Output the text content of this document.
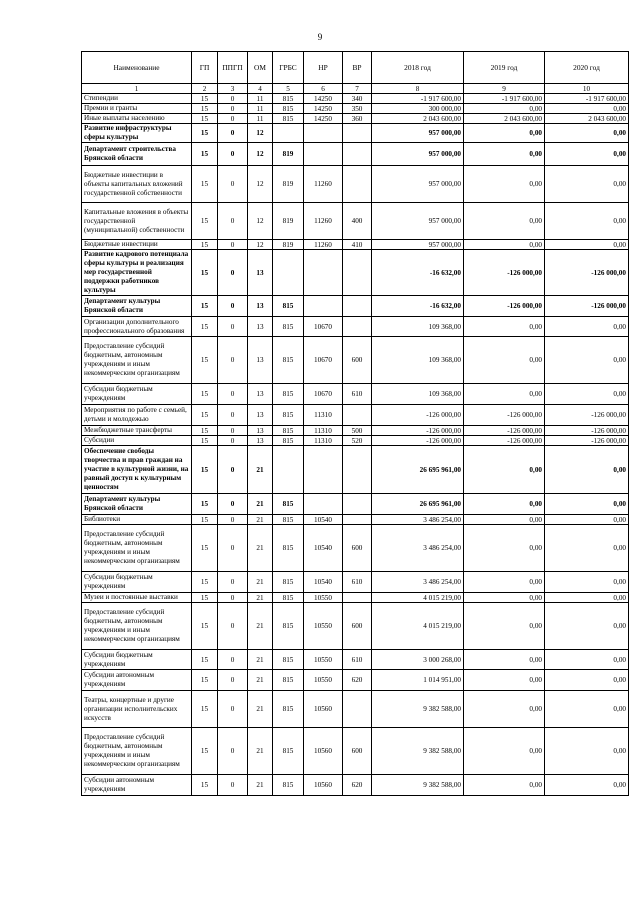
9
Наименование	ГП	ППГП	ОМ	ГРБС	НР	ВР	2018 год	2019 год	2020 год
1	2	3	4	5	6	7	8	9	10
Стипендии	15	0	11	815	14250	340	-1 917 600,00	-1 917 600,00	-1 917 600,00
Премии и гранты	15	0	11	815	14250	350	300 000,00	0,00	0,00
Иные выплаты населению	15	0	11	815	14250	360	2 043 600,00	2 043 600,00	2 043 600,00
Развитие инфраструктуры сферы культуры	15	0	12				957 000,00	0,00	0,00
Департамент строительства Брянской области	15	0	12	819			957 000,00	0,00	0,00
Бюджетные инвестиции в объекты капитальных вложений государственной собственности	15	0	12	819	11260		957 000,00	0,00	0,00
Капитальные вложения в объекты государственной (муниципальной) собственности	15	0	12	819	11260	400	957 000,00	0,00	0,00
Бюджетные инвестиции	15	0	12	819	11260	410	957 000,00	0,00	0,00
Развитие кадрового потенциала сферы культуры и реализация мер государственной поддержки работников культуры	15	0	13				-16 632,00	-126 000,00	-126 000,00
Департамент культуры Брянской области	15	0	13	815			-16 632,00	-126 000,00	-126 000,00
Организации дополнительного профессионального образования	15	0	13	815	10670		109 368,00	0,00	0,00
Предоставление субсидий бюджетным, автономным учреждениям и иным некоммерческим организациям	15	0	13	815	10670	600	109 368,00	0,00	0,00
Субсидии бюджетным учреждениям	15	0	13	815	10670	610	109 368,00	0,00	0,00
Мероприятия по работе с семьей, детьми и молодежью	15	0	13	815	11310		-126 000,00	-126 000,00	-126 000,00
Межбюджетные трансферты	15	0	13	815	11310	500	-126 000,00	-126 000,00	-126 000,00
Субсидии	15	0	13	815	11310	520	-126 000,00	-126 000,00	-126 000,00
Обеспечение свободы творчества и прав граждан на участие в культурной жизни, на равный доступ к культурным ценностям	15	0	21				26 695 961,00	0,00	0,00
Департамент культуры Брянской области	15	0	21	815			26 695 961,00	0,00	0,00
Библиотеки	15	0	21	815	10540		3 486 254,00	0,00	0,00
Предоставление субсидий бюджетным, автономным учреждениям и иным некоммерческим организациям	15	0	21	815	10540	600	3 486 254,00	0,00	0,00
Субсидии бюджетным учреждениям	15	0	21	815	10540	610	3 486 254,00	0,00	0,00
Музеи и постоянные выставки	15	0	21	815	10550		4 015 219,00	0,00	0,00
Предоставление субсидий бюджетным, автономным учреждениям и иным некоммерческим организациям	15	0	21	815	10550	600	4 015 219,00	0,00	0,00
Субсидии бюджетным учреждениям	15	0	21	815	10550	610	3 000 268,00	0,00	0,00
Субсидии автономным учреждениям	15	0	21	815	10550	620	1 014 951,00	0,00	0,00
Театры, концертные и другие организации исполнительских искусств	15	0	21	815	10560		9 382 588,00	0,00	0,00
Предоставление субсидий бюджетным, автономным учреждениям и иным некоммерческим организациям	15	0	21	815	10560	600	9 382 588,00	0,00	0,00
Субсидии автономным учреждениям	15	0	21	815	10560	620	9 382 588,00	0,00	0,00
